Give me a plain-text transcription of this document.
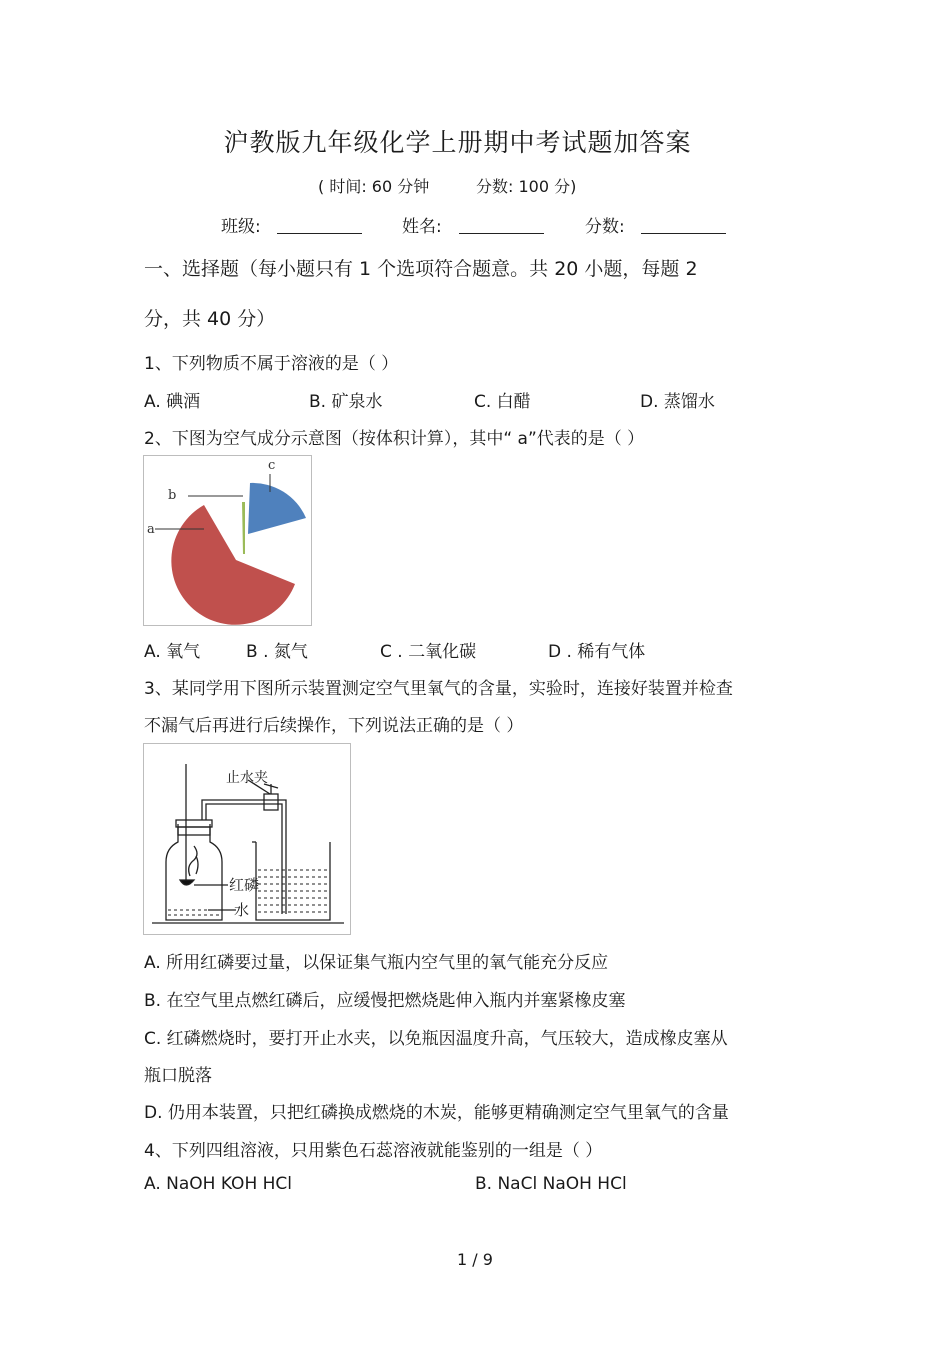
沪教版九年级化学上册期中考试题加答案
( 时间: 60 分钟	分数: 100 分)
班级:	姓名:	分数:
一、选择题（每小题只有 1 个选项符合题意。共 20 小题，每题 2
分，共 40 分）
1、下列物质不属于溶液的是（ ）
A. 碘酒	B. 矿泉水	C. 白醋	D. 蒸馏水
2、下图为空气成分示意图（按体积计算），其中“ a”代表的是（ ）
a
b
c
A. 氧气	B . 氮气	C . 二氧化碳	D . 稀有气体
3、某同学用下图所示装置测定空气里氧气的含量，实验时，连接好装置并检查
不漏气后再进行后续操作，下列说法正确的是（ ）
止水夹
红磷
水
A. 所用红磷要过量，以保证集气瓶内空气里的氧气能充分反应
B. 在空气里点燃红磷后，应缓慢把燃烧匙伸入瓶内并塞紧橡皮塞
C. 红磷燃烧时，要打开止水夹，以免瓶因温度升高，气压较大，造成橡皮塞从
瓶口脱落
D. 仍用本装置，只把红磷换成燃烧的木炭，能够更精确测定空气里氧气的含量
4、下列四组溶液，只用紫色石蕊溶液就能鉴别的一组是（ ）
A. NaOH KOH HCl	B. NaCl NaOH HCl
1 / 9
